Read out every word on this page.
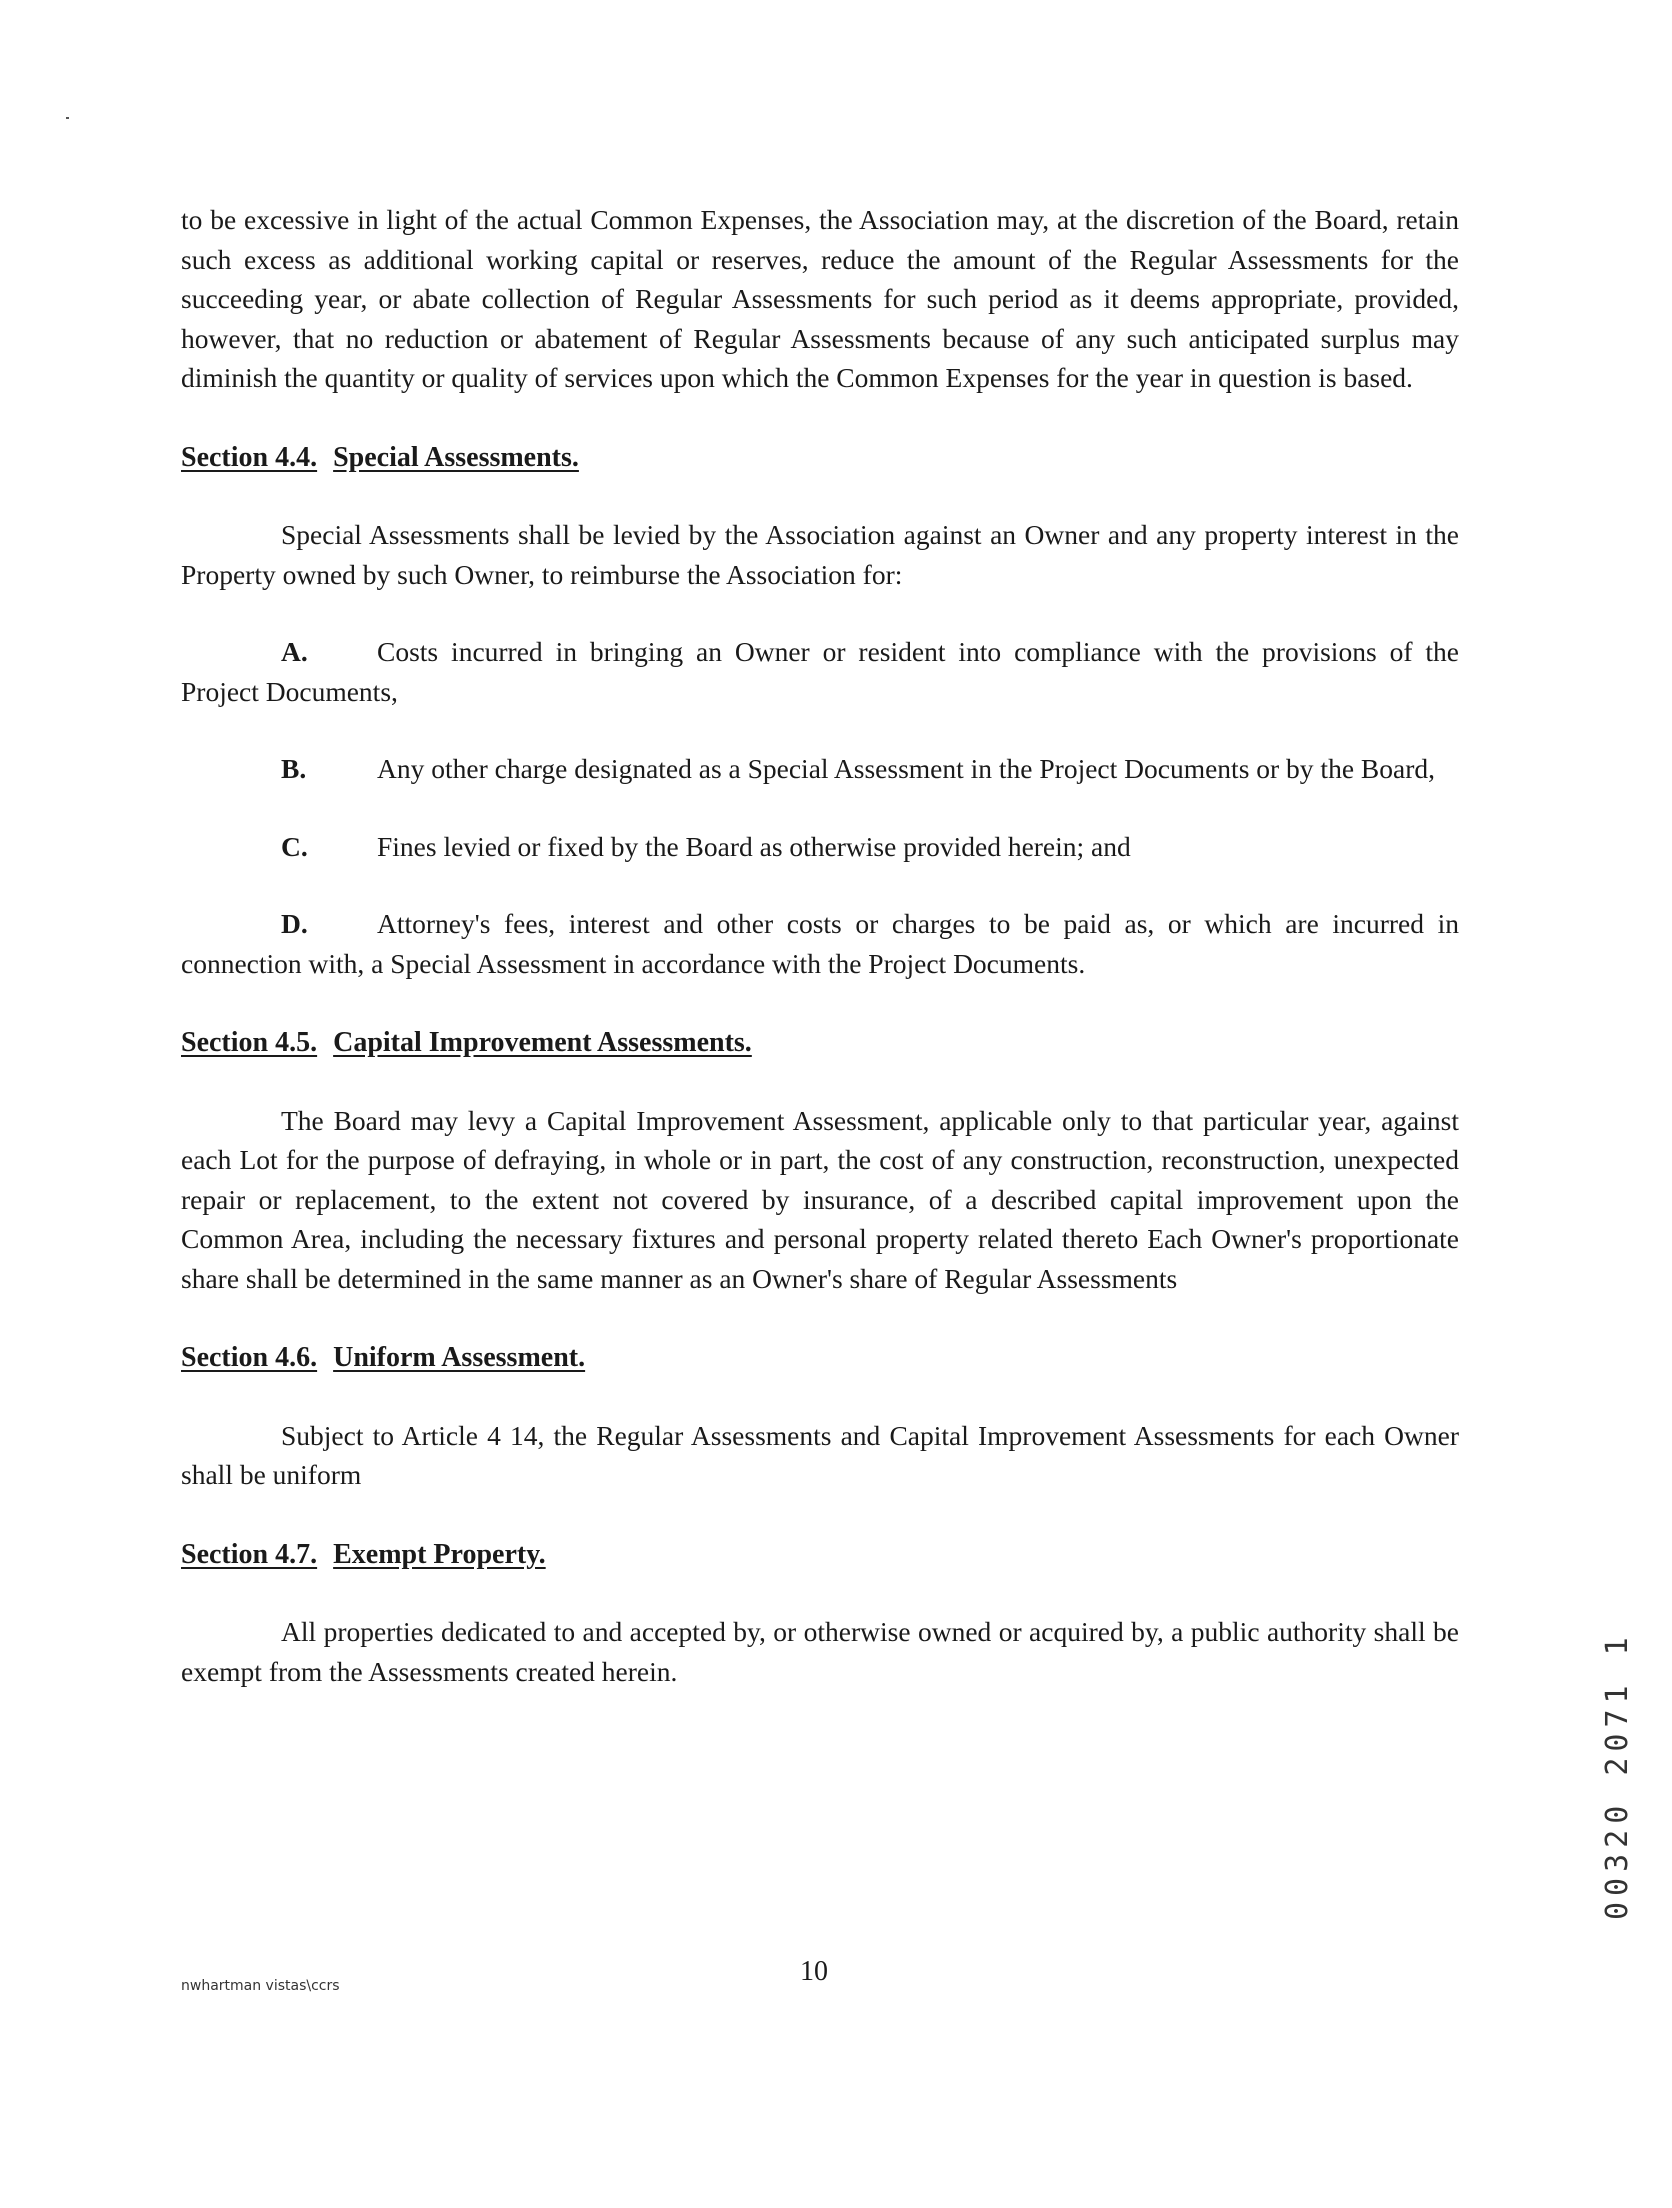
to be excessive in light of the actual Common Expenses, the Association may, at the discretion of the Board, retain such excess as additional working capital or reserves, reduce the amount of the Regular Assessments for the succeeding year, or abate collection of Regular Assessments for such period as it deems appropriate, provided, however, that no reduction or abatement of Regular Assessments because of any such anticipated surplus may diminish the quantity or quality of services upon which the Common Expenses for the year in question is based.

Section 4.4. Special Assessments.

Special Assessments shall be levied by the Association against an Owner and any property interest in the Property owned by such Owner, to reimburse the Association for:

A.	Costs incurred in bringing an Owner or resident into compliance with the provisions of the Project Documents,

B.	Any other charge designated as a Special Assessment in the Project Documents or by the Board,

C.	Fines levied or fixed by the Board as otherwise provided herein; and

D.	Attorney's fees, interest and other costs or charges to be paid as, or which are incurred in connection with, a Special Assessment in accordance with the Project Documents.

Section 4.5. Capital Improvement Assessments.

The Board may levy a Capital Improvement Assessment, applicable only to that particular year, against each Lot for the purpose of defraying, in whole or in part, the cost of any construction, reconstruction, unexpected repair or replacement, to the extent not covered by insurance, of a described capital improvement upon the Common Area, including the necessary fixtures and personal property related thereto Each Owner's proportionate share shall be determined in the same manner as an Owner's share of Regular Assessments

Section 4.6. Uniform Assessment.

Subject to Article 4 14, the Regular Assessments and Capital Improvement Assessments for each Owner shall be uniform

Section 4.7. Exempt Property.

All properties dedicated to and accepted by, or otherwise owned or acquired by, a public authority shall be exempt from the Assessments created herein.

nwhartman vistas\ccrs	10
00320 2071 1
